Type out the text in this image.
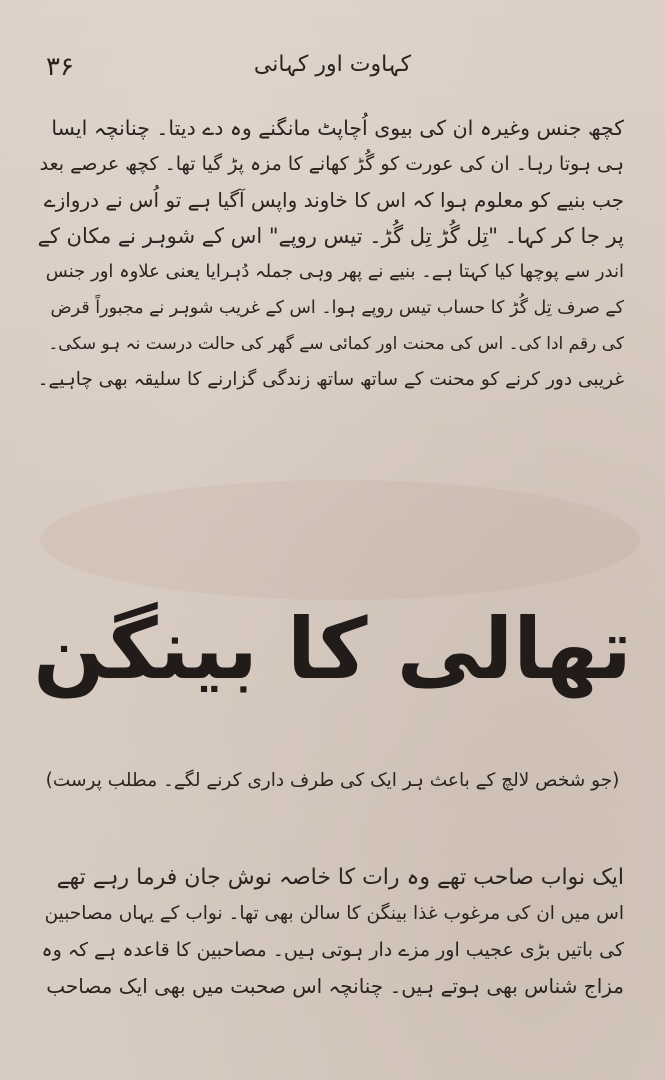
۳۶	کہاوت اور کہانی
کچھ جنس وغیرہ ان کی بیوی اُچاپٹ مانگنے وہ دے دیتا۔ چنانچہ ایسا
ہی ہوتا رہا۔ ان کی عورت کو گُڑ کھانے کا مزہ پڑ گیا تھا۔ کچھ عرصے بعد
جب بنیے کو معلوم ہوا کہ اس کا خاوند واپس آگیا ہے تو اُس نے دروازے
پر جا کر کہا۔ "تِل گُڑ تِل گُڑ۔ تیس روپے" اس کے شوہر نے مکان کے
اندر سے پوچھا کیا کہتا ہے۔ بنیے نے پھر وہی جملہ دُہرایا یعنی علاوہ اور جنس
کے صرف تِل گُڑ کا حساب تیس روپے ہوا۔ اس کے غریب شوہر نے مجبوراً قرض
کی رقم ادا کی۔ اس کی محنت اور کمائی سے گھر کی حالت درست نہ ہو سکی۔
غریبی دور کرنے کو محنت کے ساتھ ساتھ زندگی گزارنے کا سلیقہ بھی چاہیے۔
تھالی کا بینگن
(جو شخص لالچ کے باعث ہر ایک کی طرف داری کرنے لگے۔ مطلب پرست)
ایک نواب صاحب تھے وہ رات کا خاصہ نوش جان فرما رہے تھے
اس میں ان کی مرغوب غذا بینگن کا سالن بھی تھا۔ نواب کے یہاں مصاحبین
کی باتیں بڑی عجیب اور مزے دار ہوتی ہیں۔ مصاحبین کا قاعدہ ہے کہ وہ
مزاج شناس بھی ہوتے ہیں۔ چنانچہ اس صحبت میں بھی ایک مصاحب
